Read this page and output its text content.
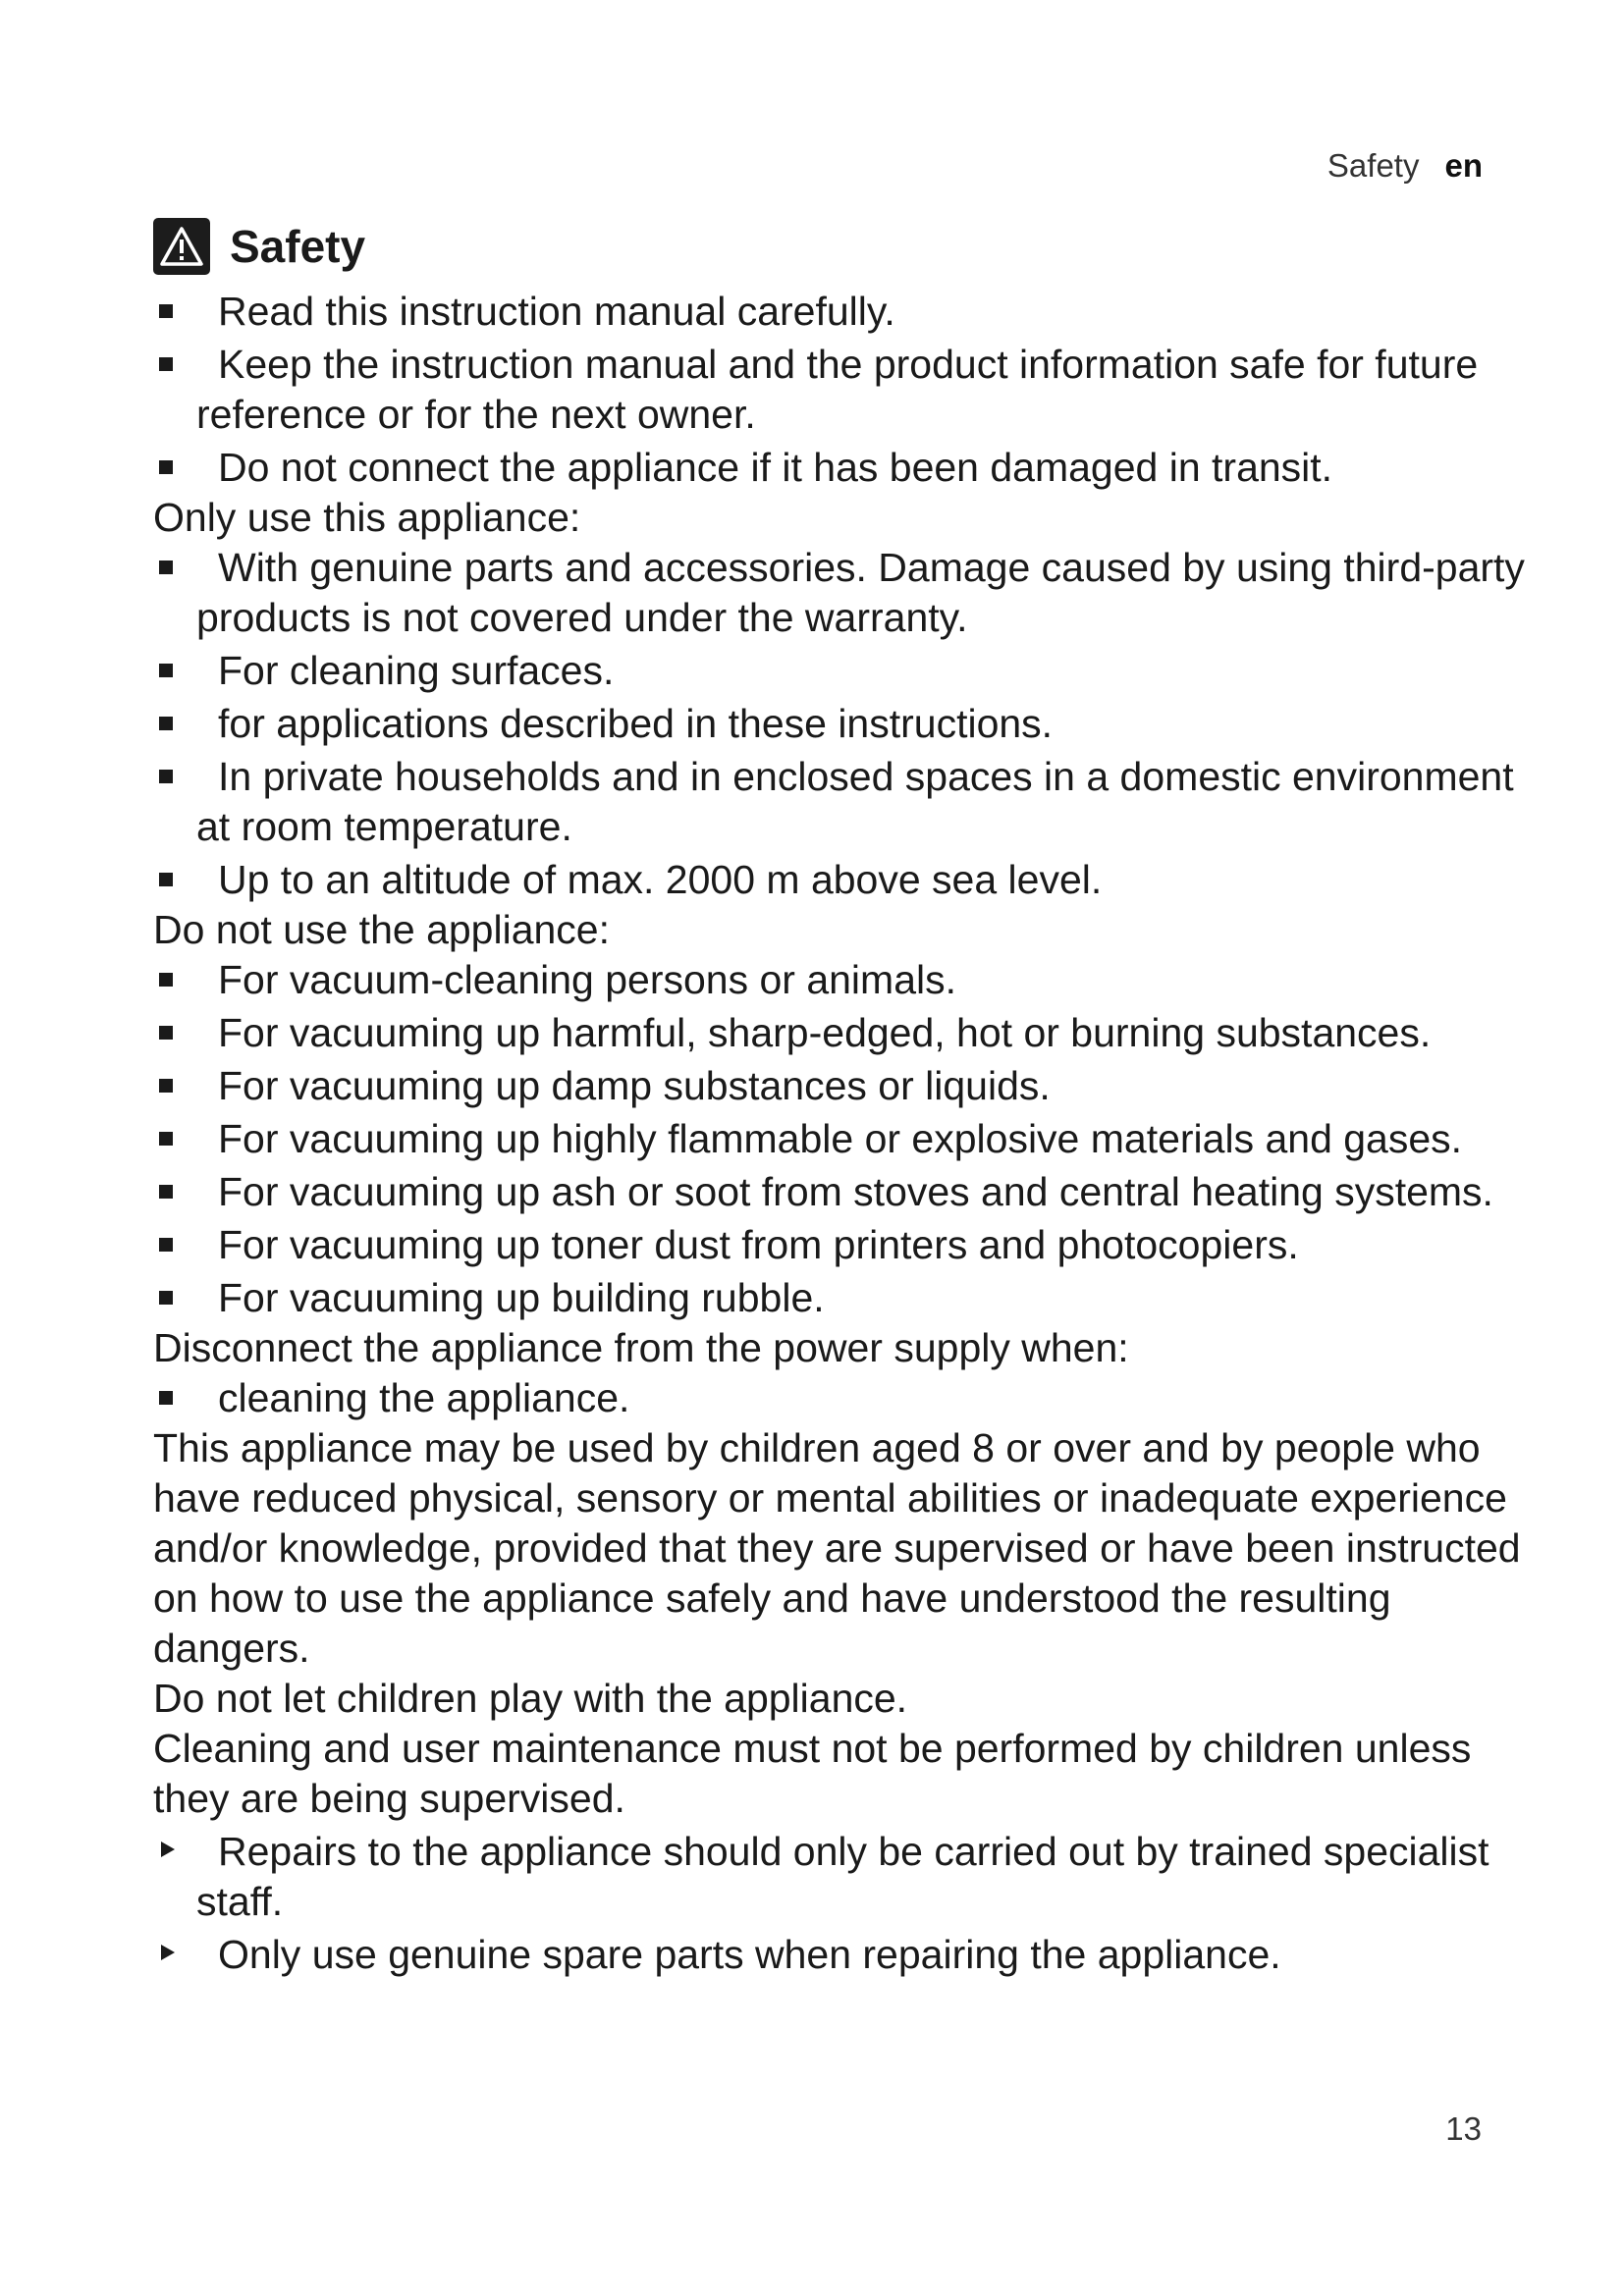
Safety en
Safety
Read this instruction manual carefully.
Keep the instruction manual and the product information safe for future reference or for the next owner.
Do not connect the appliance if it has been damaged in transit.
Only use this appliance:
With genuine parts and accessories. Damage caused by using third-party products is not covered under the warranty.
For cleaning surfaces.
for applications described in these instructions.
In private households and in enclosed spaces in a domestic environment at room temperature.
Up to an altitude of max. 2000 m above sea level.
Do not use the appliance:
For vacuum-cleaning persons or animals.
For vacuuming up harmful, sharp-edged, hot or burning substances.
For vacuuming up damp substances or liquids.
For vacuuming up highly flammable or explosive materials and gases.
For vacuuming up ash or soot from stoves and central heating systems.
For vacuuming up toner dust from printers and photocopiers.
For vacuuming up building rubble.
Disconnect the appliance from the power supply when:
cleaning the appliance.
This appliance may be used by children aged 8 or over and by people who have reduced physical, sensory or mental abilities or inadequate experience and/or knowledge, provided that they are supervised or have been instructed on how to use the appliance safely and have understood the resulting dangers.
Do not let children play with the appliance.
Cleaning and user maintenance must not be performed by children unless they are being supervised.
Repairs to the appliance should only be carried out by trained specialist staff.
Only use genuine spare parts when repairing the appliance.
13
